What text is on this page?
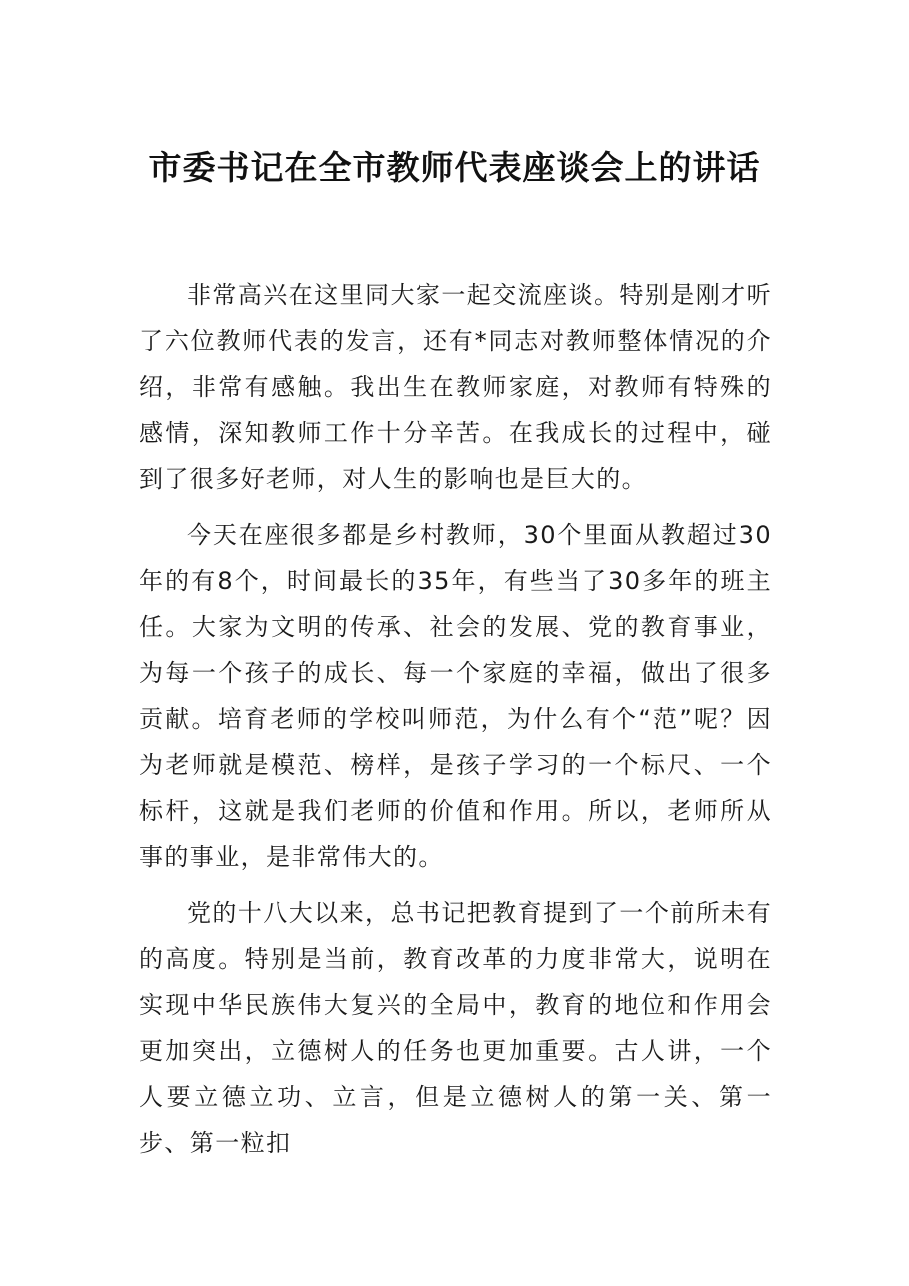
市委书记在全市教师代表座谈会上的讲话

非常高兴在这里同大家一起交流座谈。特别是刚才听了六位教师代表的发言，还有*同志对教师整体情况的介绍，非常有感触。我出生在教师家庭，对教师有特殊的感情，深知教师工作十分辛苦。在我成长的过程中，碰到了很多好老师，对人生的影响也是巨大的。

今天在座很多都是乡村教师，30个里面从教超过30年的有8个，时间最长的35年，有些当了30多年的班主任。大家为文明的传承、社会的发展、党的教育事业，为每一个孩子的成长、每一个家庭的幸福，做出了很多贡献。培育老师的学校叫师范，为什么有个“范”呢？因为老师就是模范、榜样，是孩子学习的一个标尺、一个标杆，这就是我们老师的价值和作用。所以，老师所从事的事业，是非常伟大的。

党的十八大以来，总书记把教育提到了一个前所未有的高度。特别是当前，教育改革的力度非常大，说明在实现中华民族伟大复兴的全局中，教育的地位和作用会更加突出，立德树人的任务也更加重要。古人讲，一个人要立德立功、立言，但是立德树人的第一关、第一步、第一粒扣
